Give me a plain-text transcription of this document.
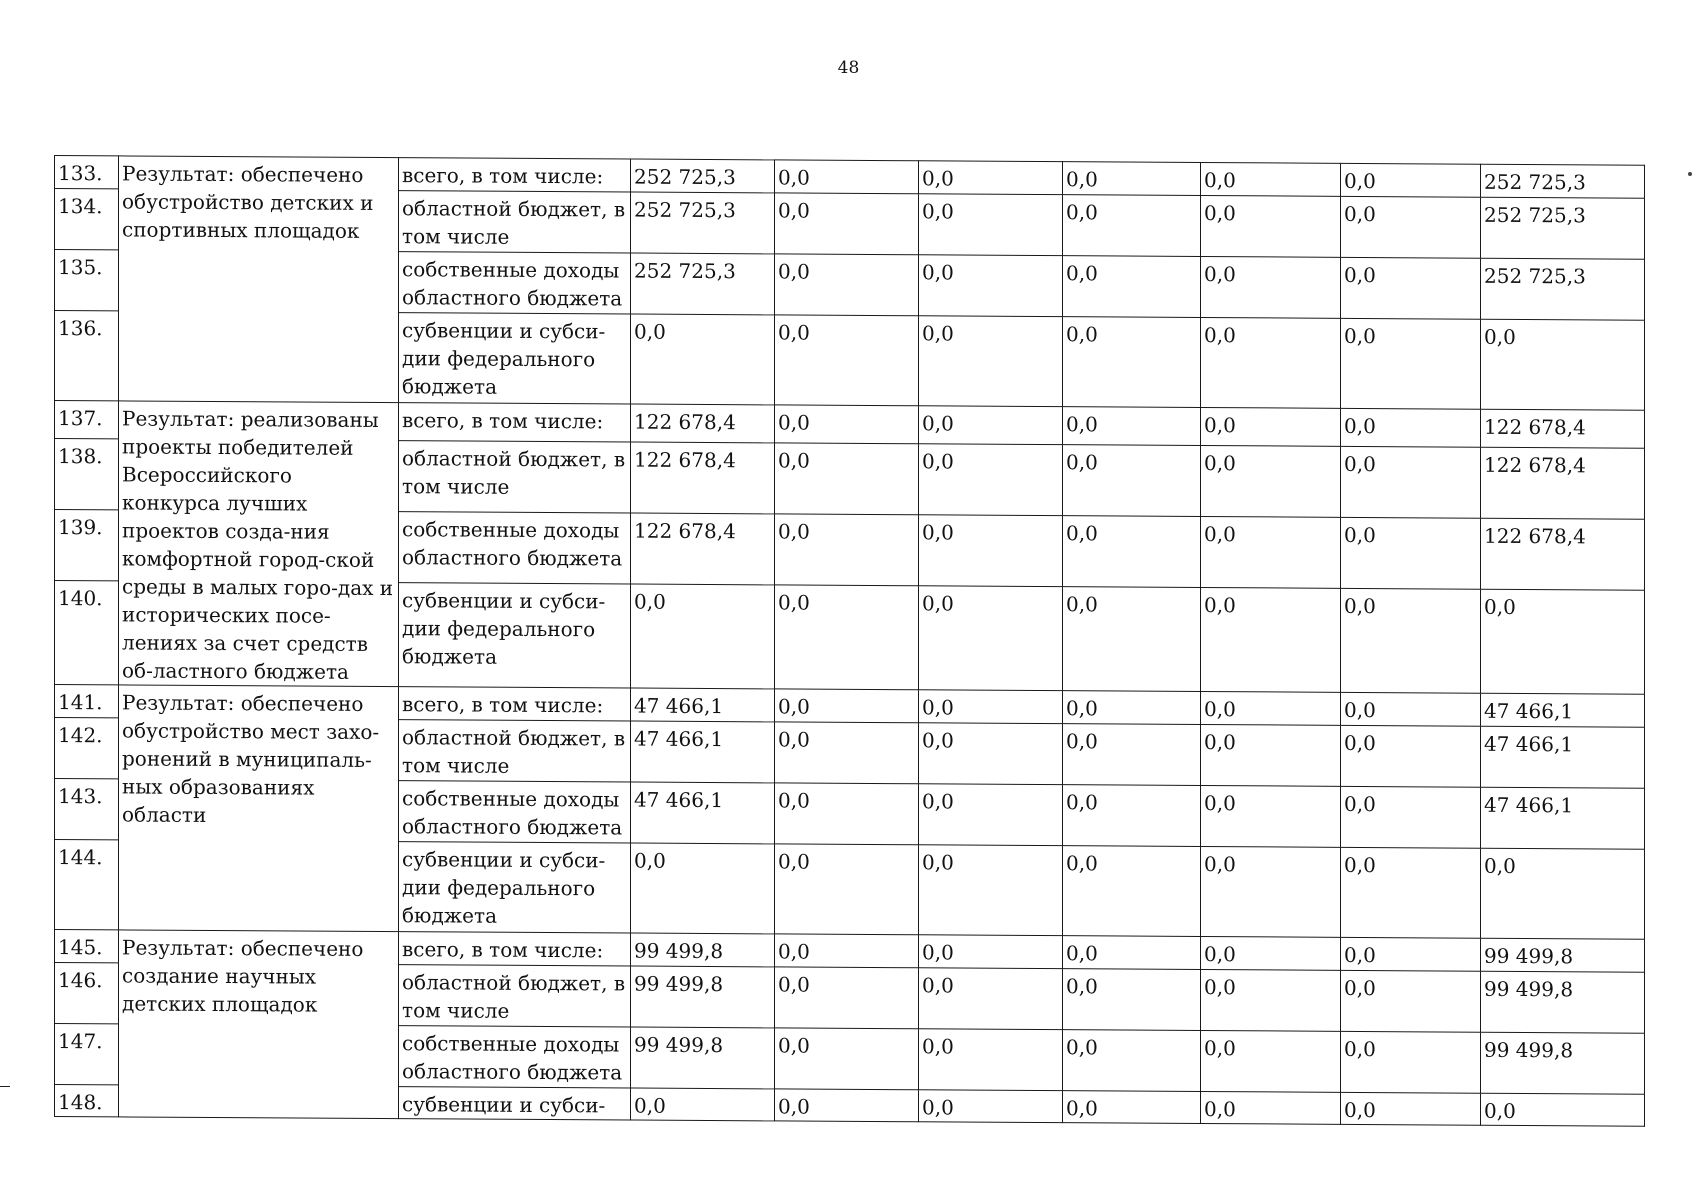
48
133.	Результат: обеспечено обустройство детских и спортивных площадок	всего, в том числе:	252 725,3	0,0	0,0	0,0	0,0	0,0	252 725,3
134.		областной бюджет, в том числе	252 725,3	0,0	0,0	0,0	0,0	0,0	252 725,3
135.		собственные доходы областного бюджета	252 725,3	0,0	0,0	0,0	0,0	0,0	252 725,3
136.		субвенции и субси-дии федерального бюджета	0,0	0,0	0,0	0,0	0,0	0,0	0,0
137.	Результат: реализованы проекты победителей Всероссийского конкурса лучших проектов созда-ния комфортной город-ской среды в малых горо-дах и исторических посе-лениях за счет средств об-ластного бюджета	всего, в том числе:	122 678,4	0,0	0,0	0,0	0,0	0,0	122 678,4
138.		областной бюджет, в том числе	122 678,4	0,0	0,0	0,0	0,0	0,0	122 678,4
139.		собственные доходы областного бюджета	122 678,4	0,0	0,0	0,0	0,0	0,0	122 678,4
140.		субвенции и субси-дии федерального бюджета	0,0	0,0	0,0	0,0	0,0	0,0	0,0
141.	Результат: обеспечено обустройство мест захо-ронений в муниципаль-ных образованиях области	всего, в том числе:	47 466,1	0,0	0,0	0,0	0,0	0,0	47 466,1
142.		областной бюджет, в том числе	47 466,1	0,0	0,0	0,0	0,0	0,0	47 466,1
143.		собственные доходы областного бюджета	47 466,1	0,0	0,0	0,0	0,0	0,0	47 466,1
144.		субвенции и субси-дии федерального бюджета	0,0	0,0	0,0	0,0	0,0	0,0	0,0
145.	Результат: обеспечено создание научных детских площадок	всего, в том числе:	99 499,8	0,0	0,0	0,0	0,0	0,0	99 499,8
146.		областной бюджет, в том числе	99 499,8	0,0	0,0	0,0	0,0	0,0	99 499,8
147.		собственные доходы областного бюджета	99 499,8	0,0	0,0	0,0	0,0	0,0	99 499,8
148.		субвенции и субси-	0,0	0,0	0,0	0,0	0,0	0,0	0,0
